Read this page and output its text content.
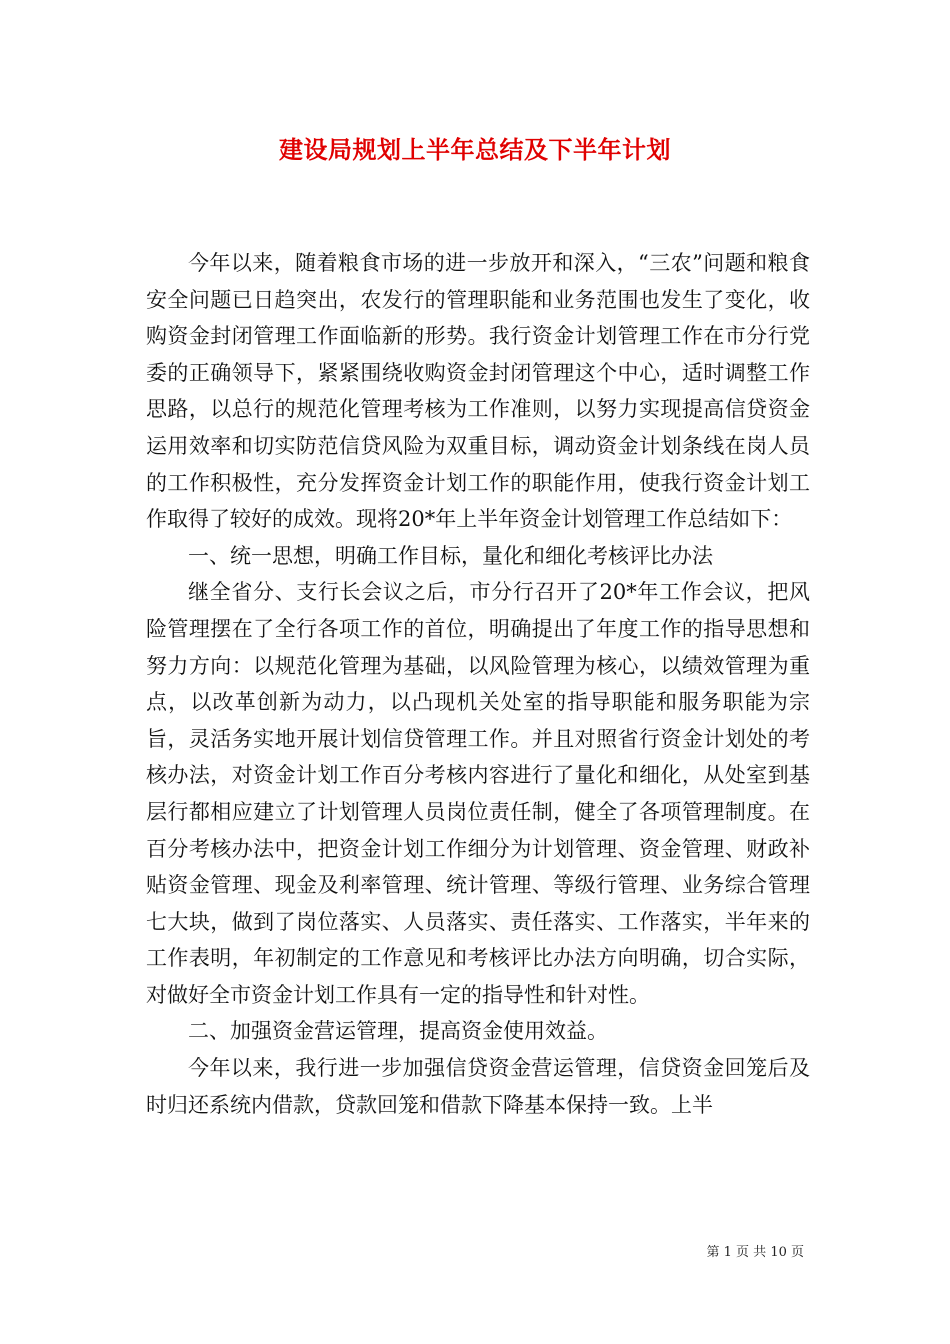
建设局规划上半年总结及下半年计划

今年以来，随着粮食市场的进一步放开和深入，“三农”问题和粮食安全问题已日趋突出，农发行的管理职能和业务范围也发生了变化，收购资金封闭管理工作面临新的形势。我行资金计划管理工作在市分行党委的正确领导下，紧紧围绕收购资金封闭管理这个中心，适时调整工作思路，以总行的规范化管理考核为工作准则，以努力实现提高信贷资金运用效率和切实防范信贷风险为双重目标，调动资金计划条线在岗人员的工作积极性，充分发挥资金计划工作的职能作用，使我行资金计划工作取得了较好的成效。现将20*年上半年资金计划管理工作总结如下：

一、统一思想，明确工作目标，量化和细化考核评比办法

继全省分、支行长会议之后，市分行召开了20*年工作会议，把风险管理摆在了全行各项工作的首位，明确提出了年度工作的指导思想和努力方向：以规范化管理为基础，以风险管理为核心，以绩效管理为重点，以改革创新为动力，以凸现机关处室的指导职能和服务职能为宗旨，灵活务实地开展计划信贷管理工作。并且对照省行资金计划处的考核办法，对资金计划工作百分考核内容进行了量化和细化，从处室到基层行都相应建立了计划管理人员岗位责任制，健全了各项管理制度。在百分考核办法中，把资金计划工作细分为计划管理、资金管理、财政补贴资金管理、现金及利率管理、统计管理、等级行管理、业务综合管理七大块，做到了岗位落实、人员落实、责任落实、工作落实，半年来的工作表明，年初制定的工作意见和考核评比办法方向明确，切合实际，对做好全市资金计划工作具有一定的指导性和针对性。

二、加强资金营运管理，提高资金使用效益。

今年以来，我行进一步加强信贷资金营运管理，信贷资金回笼后及时归还系统内借款，贷款回笼和借款下降基本保持一致。上半

第 1 页 共 10 页
